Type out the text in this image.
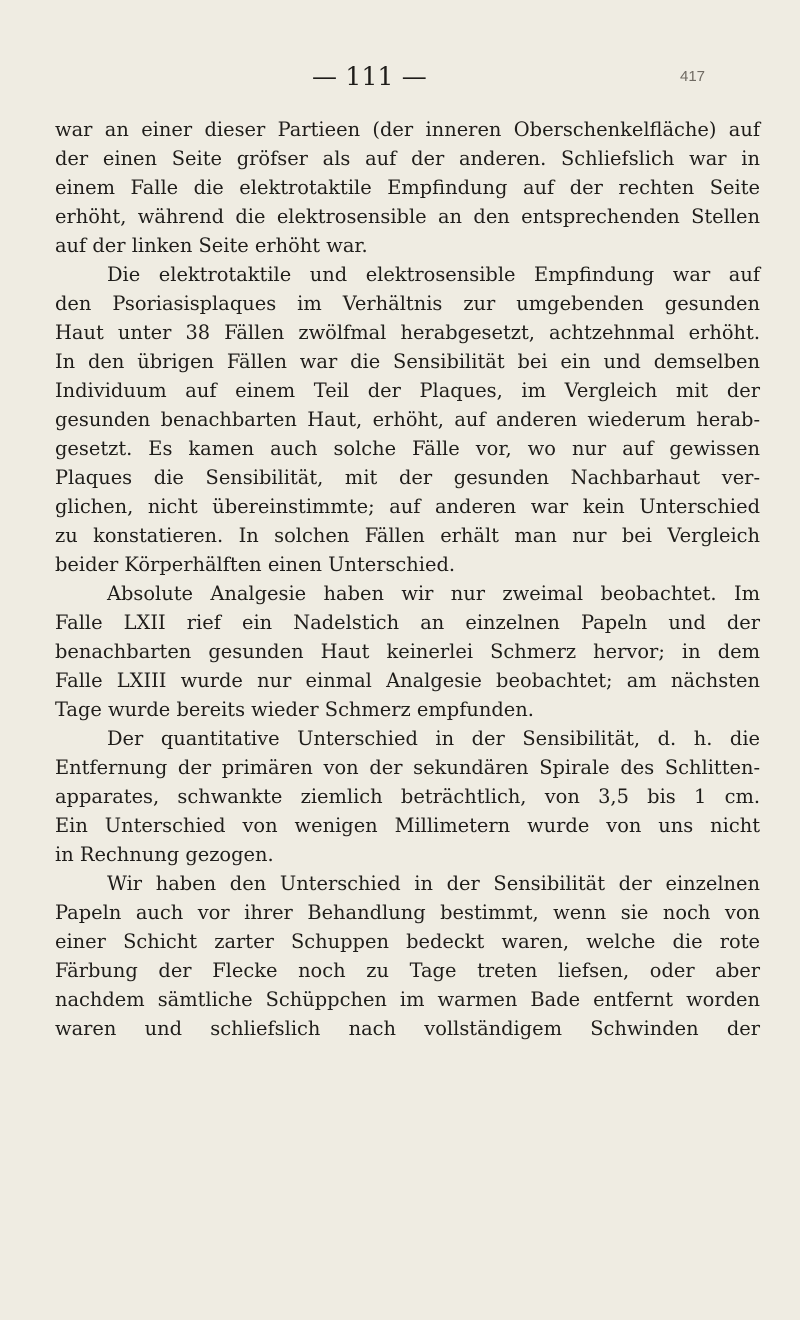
— 111 —	417
war an einer dieser Partieen (der inneren Oberschenkelfläche) auf
der einen Seite gröfser als auf der anderen. Schliefslich war in
einem Falle die elektrotaktile Empfindung auf der rechten Seite
erhöht, während die elektrosensible an den entsprechenden Stellen
auf der linken Seite erhöht war.
Die elektrotaktile und elektrosensible Empfindung war auf
den Psoriasisplaques im Verhältnis zur umgebenden gesunden
Haut unter 38 Fällen zwölfmal herabgesetzt, achtzehnmal erhöht.
In den übrigen Fällen war die Sensibilität bei ein und demselben
Individuum auf einem Teil der Plaques, im Vergleich mit der
gesunden benachbarten Haut, erhöht, auf anderen wiederum herab-
gesetzt. Es kamen auch solche Fälle vor, wo nur auf gewissen
Plaques die Sensibilität, mit der gesunden Nachbarhaut ver-
glichen, nicht übereinstimmte; auf anderen war kein Unterschied
zu konstatieren. In solchen Fällen erhält man nur bei Vergleich
beider Körperhälften einen Unterschied.
Absolute Analgesie haben wir nur zweimal beobachtet. Im
Falle LXII rief ein Nadelstich an einzelnen Papeln und der
benachbarten gesunden Haut keinerlei Schmerz hervor; in dem
Falle LXIII wurde nur einmal Analgesie beobachtet; am nächsten
Tage wurde bereits wieder Schmerz empfunden.
Der quantitative Unterschied in der Sensibilität, d. h. die
Entfernung der primären von der sekundären Spirale des Schlitten-
apparates, schwankte ziemlich beträchtlich, von 3,5 bis 1 cm.
Ein Unterschied von wenigen Millimetern wurde von uns nicht
in Rechnung gezogen.
Wir haben den Unterschied in der Sensibilität der einzelnen
Papeln auch vor ihrer Behandlung bestimmt, wenn sie noch von
einer Schicht zarter Schuppen bedeckt waren, welche die rote
Färbung der Flecke noch zu Tage treten liefsen, oder aber
nachdem sämtliche Schüppchen im warmen Bade entfernt worden
waren und schliefslich nach vollständigem Schwinden der
